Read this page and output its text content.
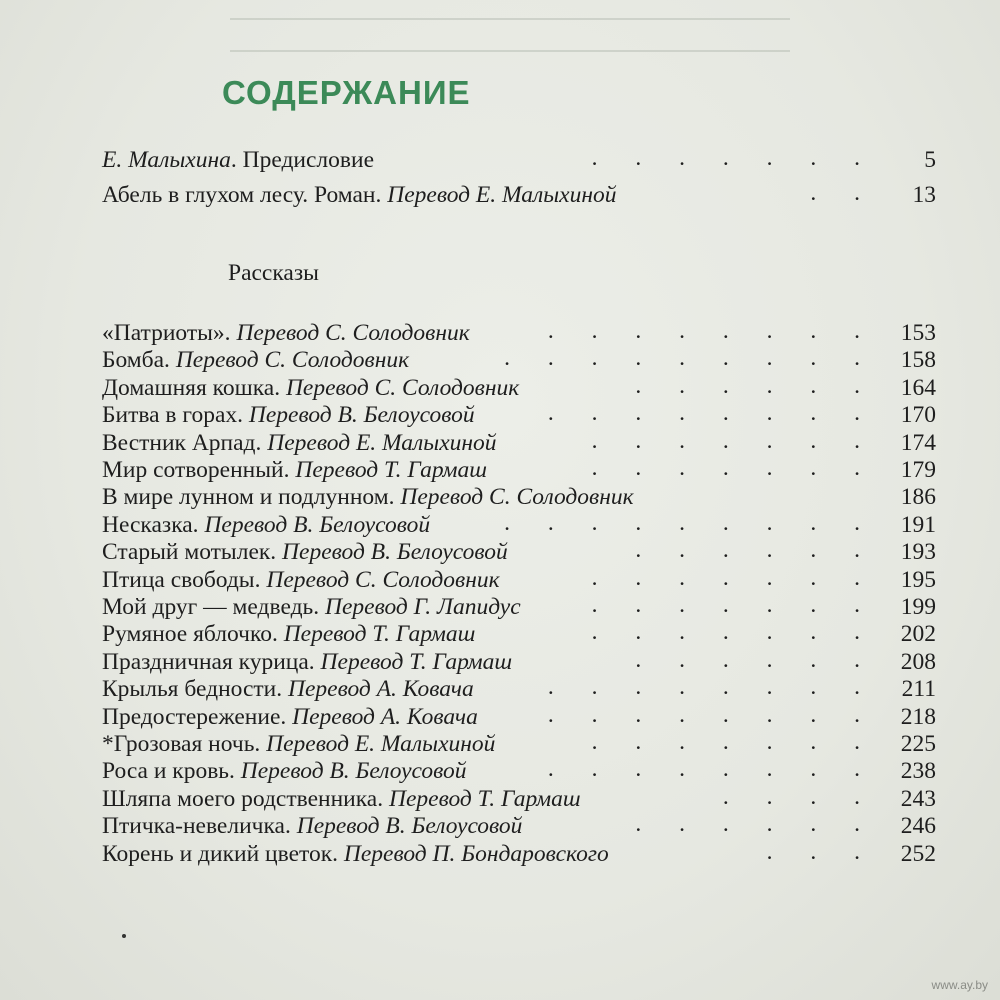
СОДЕРЖАНИЕ
Е. Малыхина. Предисловие	. . . . . . . 5
Абель в глухом лесу. Роман. Перевод Е. Малыхиной	. . 13
Рассказы
«Патриоты». Перевод С. Солодовник	. . . . . . . . 153
Бомба. Перевод С. Солодовник	. . . . . . . . . 158
Домашняя кошка. Перевод С. Солодовник	. . . . . . 164
Битва в горах. Перевод В. Белоусовой	. . . . . . . . 170
Вестник Арпад. Перевод Е. Малыхиной	. . . . . . . 174
Мир сотворенный. Перевод Т. Гармаш	. . . . . . . 179
В мире лунном и подлунном. Перевод С. Солодовник	186
Несказка. Перевод В. Белоусовой	. . . . . . . . . 191
Старый мотылек. Перевод В. Белоусовой	. . . . . . 193
Птица свободы. Перевод С. Солодовник	. . . . . . . 195
Мой друг — медведь. Перевод Г. Лапидус	. . . . . . . 199
Румяное яблочко. Перевод Т. Гармаш	. . . . . . . 202
Праздничная курица. Перевод Т. Гармаш	. . . . . . 208
Крылья бедности. Перевод А. Ковача	. . . . . . . . 211
Предостережение. Перевод А. Ковача	. . . . . . . . 218
*Грозовая ночь. Перевод Е. Малыхиной	. . . . . . . 225
Роса и кровь. Перевод В. Белоусовой	. . . . . . . . 238
Шляпа моего родственника. Перевод Т. Гармаш	. . . . 243
Птичка-невеличка. Перевод В. Белоусовой	. . . . . . 246
Корень и дикий цветок. Перевод П. Бондаровского	. . . 252
www.ay.by
